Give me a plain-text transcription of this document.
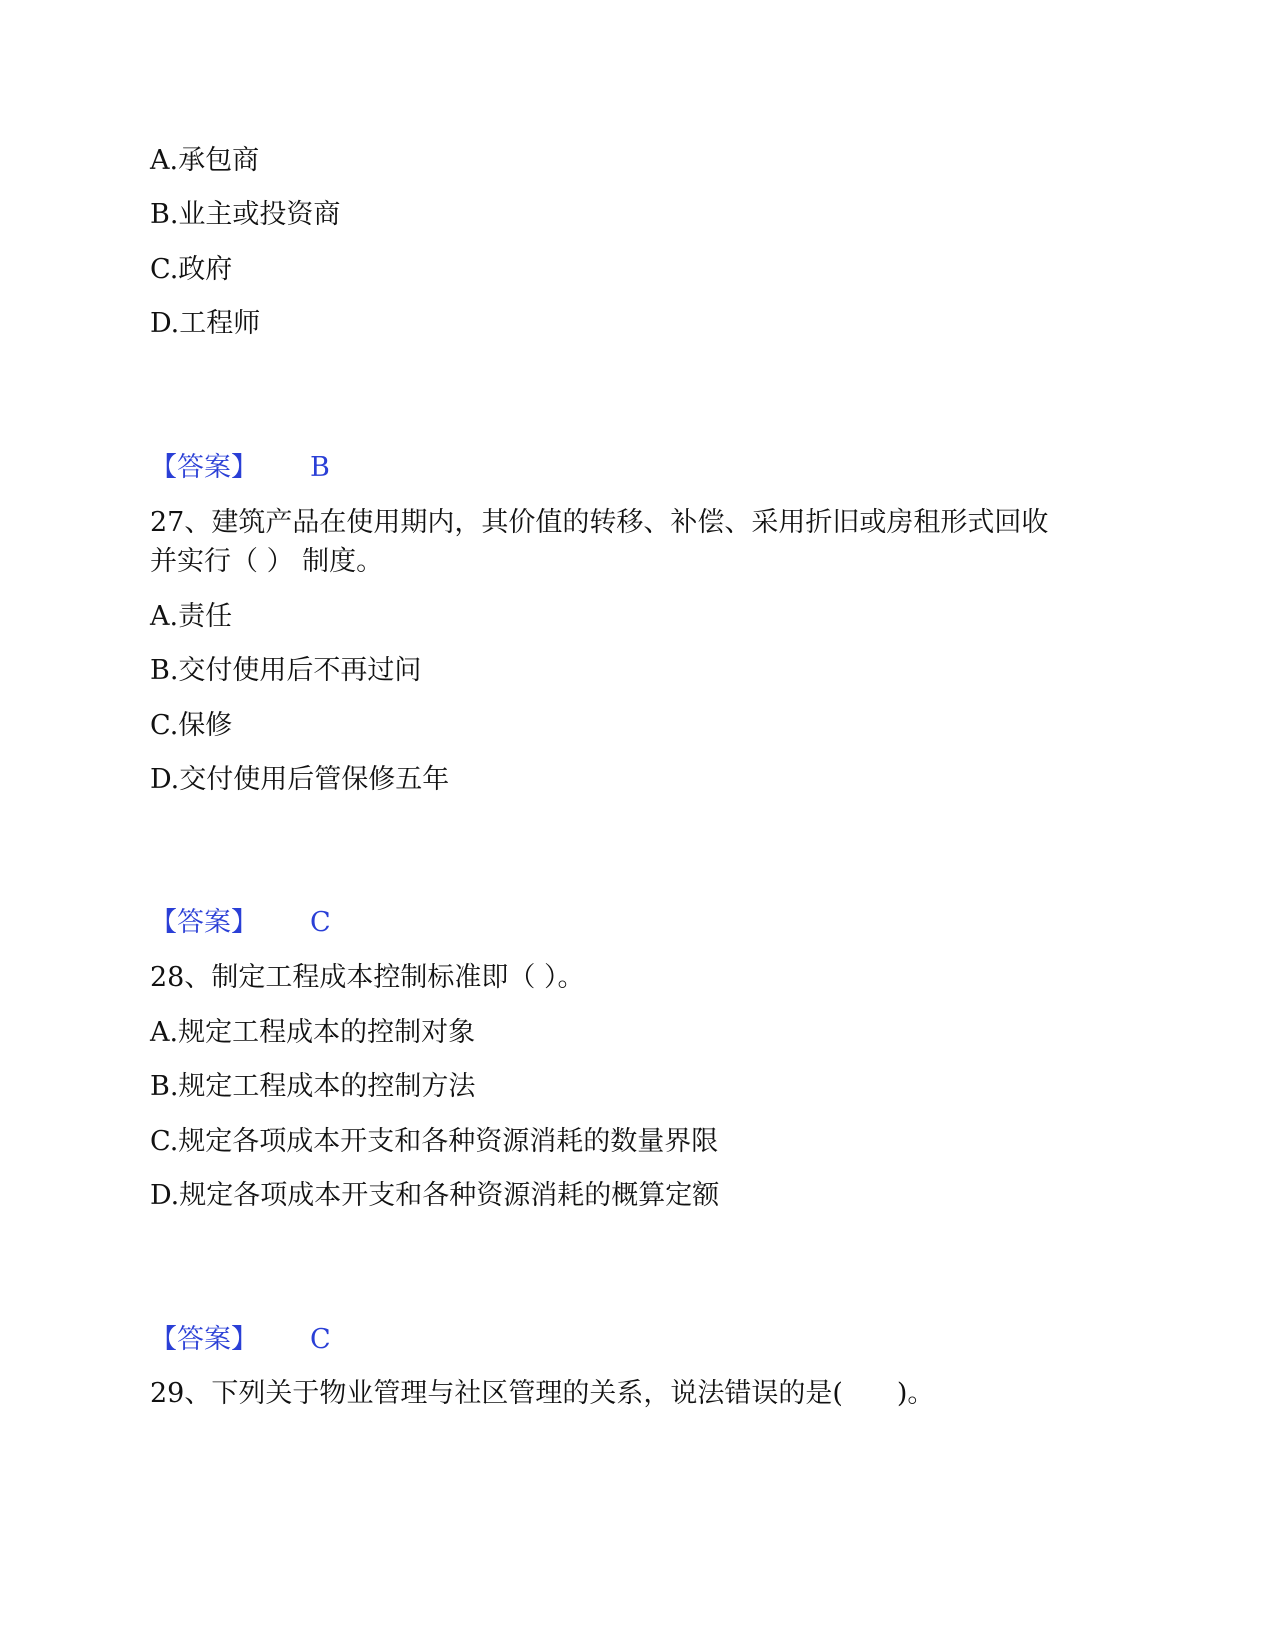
A.承包商
B.业主或投资商
C.政府
D.工程师
【答案】 B
27、建筑产品在使用期内，其价值的转移、补偿、采用折旧或房租形式回收
并实行（ ） 制度。
A.责任
B.交付使用后不再过问
C.保修
D.交付使用后管保修五年
【答案】 C
28、制定工程成本控制标准即（ ）。
A.规定工程成本的控制对象
B.规定工程成本的控制方法
C.规定各项成本开支和各种资源消耗的数量界限
D.规定各项成本开支和各种资源消耗的概算定额
【答案】 C
29、下列关于物业管理与社区管理的关系，说法错误的是(　　)。
